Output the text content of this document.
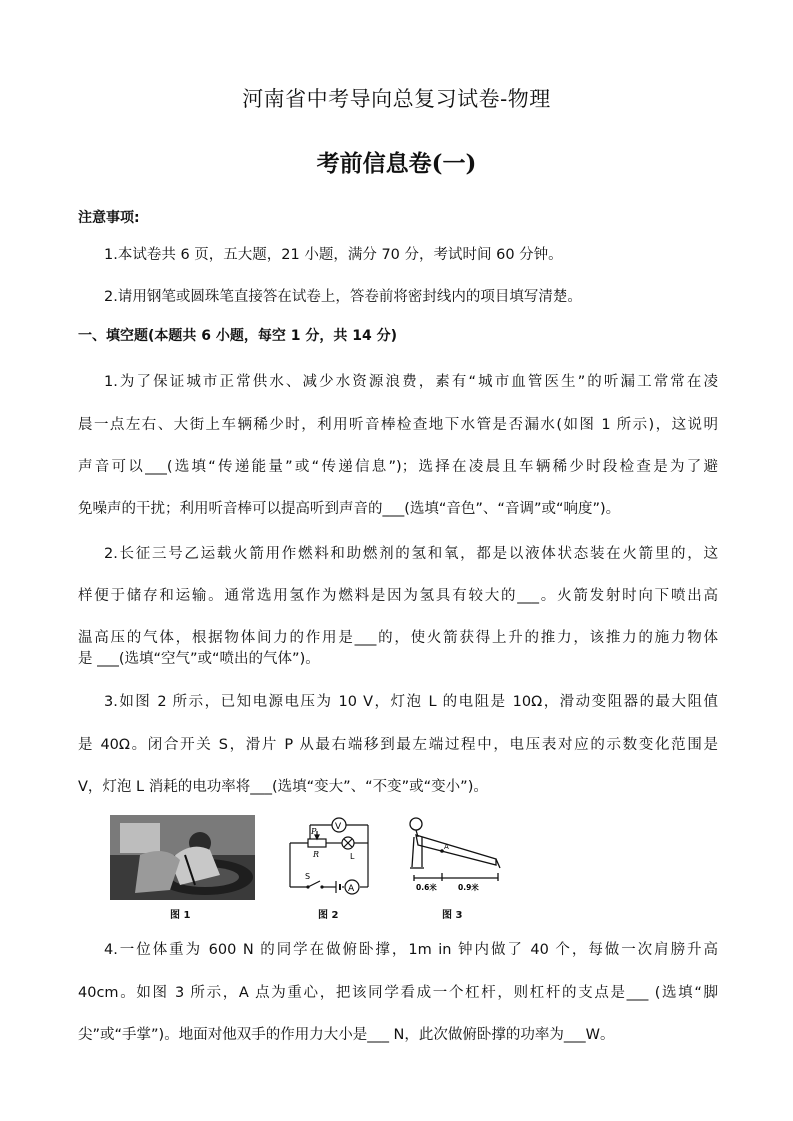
河南省中考导向总复习试卷-物理
考前信息卷(一)
注意事项:
1.本试卷共 6 页，五大题，21 小题，满分 70 分，考试时间 60 分钟。
2.请用钢笔或圆珠笔直接答在试卷上，答卷前将密封线内的项目填写清楚。
一、填空题(本题共 6 小题，每空 1 分，共 14 分)
1.为了保证城市正常供水、减少水资源浪费，素有“城市血管医生”的听漏工常常在凌
晨一点左右、大街上车辆稀少时，利用听音棒检查地下水管是否漏水(如图 1 所示)，这说明
声音可以___(选填“传递能量”或“传递信息”)；选择在凌晨且车辆稀少时段检查是为了避
免噪声的干扰；利用听音棒可以提高听到声音的___(选填“音色”、“音调”或“响度”)。
2.长征三号乙运载火箭用作燃料和助燃剂的氢和氧，都是以液体状态装在火箭里的，这
样便于储存和运输。通常选用氢作为燃料是因为氢具有较大的___。火箭发射时向下喷出高
温高压的气体，根据物体间力的作用是___的，使火箭获得上升的推力，该推力的施力物体
是 ___(选填“空气”或“喷出的气体”)。
3.如图 2 所示，已知电源电压为 10 V，灯泡 L 的电阻是 10Ω，滑动变阻器的最大阻值
是 40Ω。闭合开关 S，滑片 P 从最右端移到最左端过程中，电压表对应的示数变化范围是
V，灯泡 L 消耗的电功率将___(选填“变大”、“不变”或“变小”)。
图 1
V
A
P
R	L
S
图 2
A
0.6米	0.9米
图 3
4.一位体重为 600 N 的同学在做俯卧撑，1m in 钟内做了 40 个，每做一次肩膀升高
40cm。如图 3 所示，A 点为重心，把该同学看成一个杠杆，则杠杆的支点是___ (选填“脚
尖”或“手掌”)。地面对他双手的作用力大小是___ N，此次做俯卧撑的功率为___W。
